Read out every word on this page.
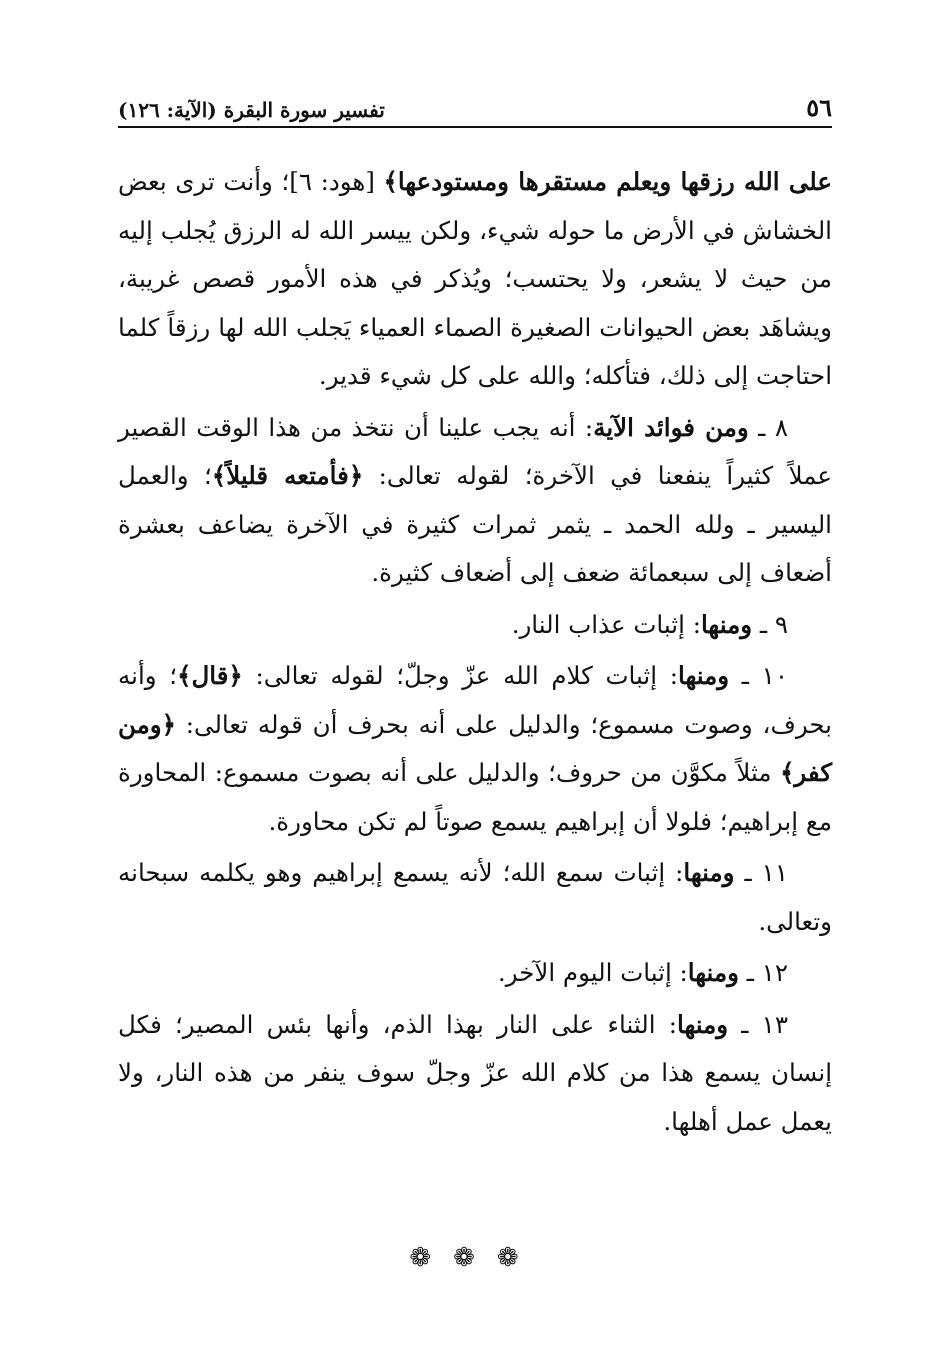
٥٦
تفسير سورة البقرة (الآية: ١٢٦)

على الله رزقها ويعلم مستقرها ومستودعها﴾ [هود: ٦]؛ وأنت ترى بعض الخشاش في الأرض ما حوله شيء، ولكن ييسر الله له الرزق يُجلب إليه من حيث لا يشعر، ولا يحتسب؛ ويُذكر في هذه الأمور قصص غريبة، ويشاهَد بعض الحيوانات الصغيرة الصماء العمياء يَجلب الله لها رزقاً كلما احتاجت إلى ذلك، فتأكله؛ والله على كل شيء قدير.

٨ ـ ومن فوائد الآية: أنه يجب علينا أن نتخذ من هذا الوقت القصير عملاً كثيراً ينفعنا في الآخرة؛ لقوله تعالى: ﴿فأمتعه قليلاً﴾؛ والعمل اليسير ـ ولله الحمد ـ يثمر ثمرات كثيرة في الآخرة يضاعف بعشرة أضعاف إلى سبعمائة ضعف إلى أضعاف كثيرة.

٩ ـ ومنها: إثبات عذاب النار.

١٠ ـ ومنها: إثبات كلام الله عزّ وجلّ؛ لقوله تعالى: ﴿قال﴾؛ وأنه بحرف، وصوت مسموع؛ والدليل على أنه بحرف أن قوله تعالى: ﴿ومن كفر﴾ مثلاً مكوَّن من حروف؛ والدليل على أنه بصوت مسموع: المحاورة مع إبراهيم؛ فلولا أن إبراهيم يسمع صوتاً لم تكن محاورة.

١١ ـ ومنها: إثبات سمع الله؛ لأنه يسمع إبراهيم وهو يكلمه سبحانه وتعالى.

١٢ ـ ومنها: إثبات اليوم الآخر.

١٣ ـ ومنها: الثناء على النار بهذا الذم، وأنها بئس المصير؛ فكل إنسان يسمع هذا من كلام الله عزّ وجلّ سوف ينفر من هذه النار، ولا يعمل عمل أهلها.

❁❁❁
